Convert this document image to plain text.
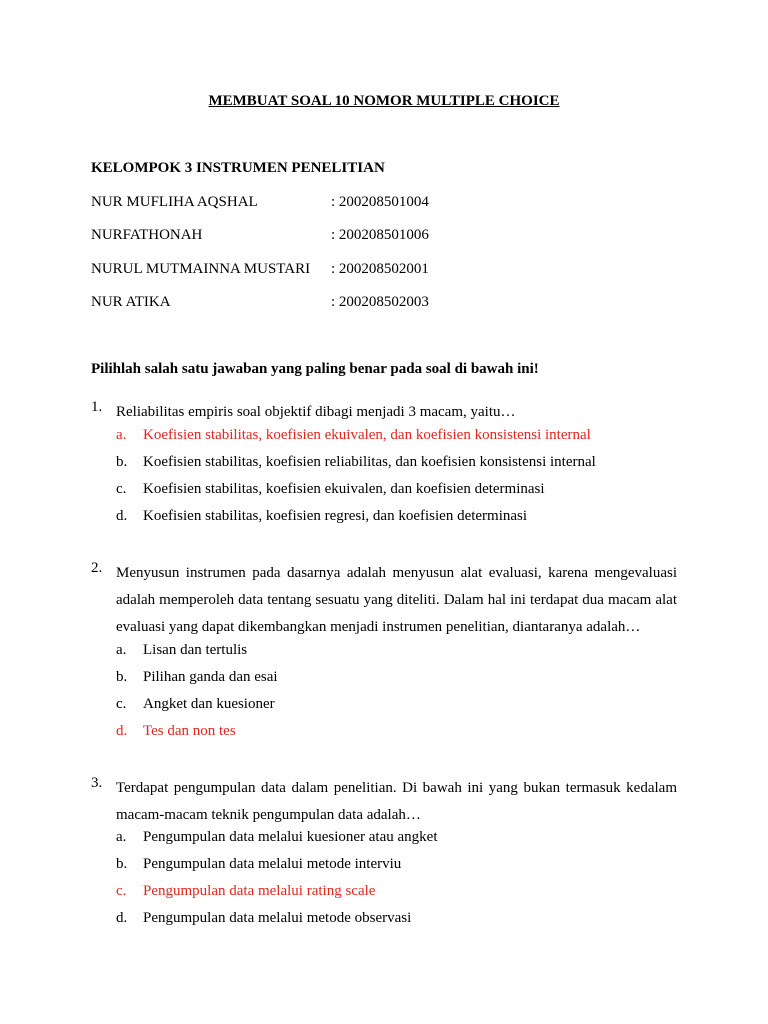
MEMBUAT SOAL 10 NOMOR MULTIPLE CHOICE
KELOMPOK 3 INSTRUMEN PENELITIAN
NUR MUFLIHA AQSHAL	: 200208501004
NURFATHONAH	: 200208501006
NURUL MUTMAINNA MUSTARI : 200208502001
NUR ATIKA	: 200208502003
Pilihlah salah satu jawaban yang paling benar pada soal di bawah ini!
1. Reliabilitas empiris soal objektif dibagi menjadi 3 macam, yaitu…
a. Koefisien stabilitas, koefisien ekuivalen, dan koefisien konsistensi internal
b. Koefisien stabilitas, koefisien reliabilitas, dan koefisien konsistensi internal
c. Koefisien stabilitas, koefisien ekuivalen, dan koefisien determinasi
d. Koefisien stabilitas, koefisien regresi, dan koefisien determinasi
2. Menyusun instrumen pada dasarnya adalah menyusun alat evaluasi, karena mengevaluasi adalah memperoleh data tentang sesuatu yang diteliti. Dalam hal ini terdapat dua macam alat evaluasi yang dapat dikembangkan menjadi instrumen penelitian, diantaranya adalah…
a. Lisan dan tertulis
b. Pilihan ganda dan esai
c. Angket dan kuesioner
d. Tes dan non tes
3. Terdapat pengumpulan data dalam penelitian. Di bawah ini yang bukan termasuk kedalam macam-macam teknik pengumpulan data adalah…
a. Pengumpulan data melalui kuesioner atau angket
b. Pengumpulan data melalui metode interviu
c. Pengumpulan data melalui rating scale
d. Pengumpulan data melalui metode observasi
